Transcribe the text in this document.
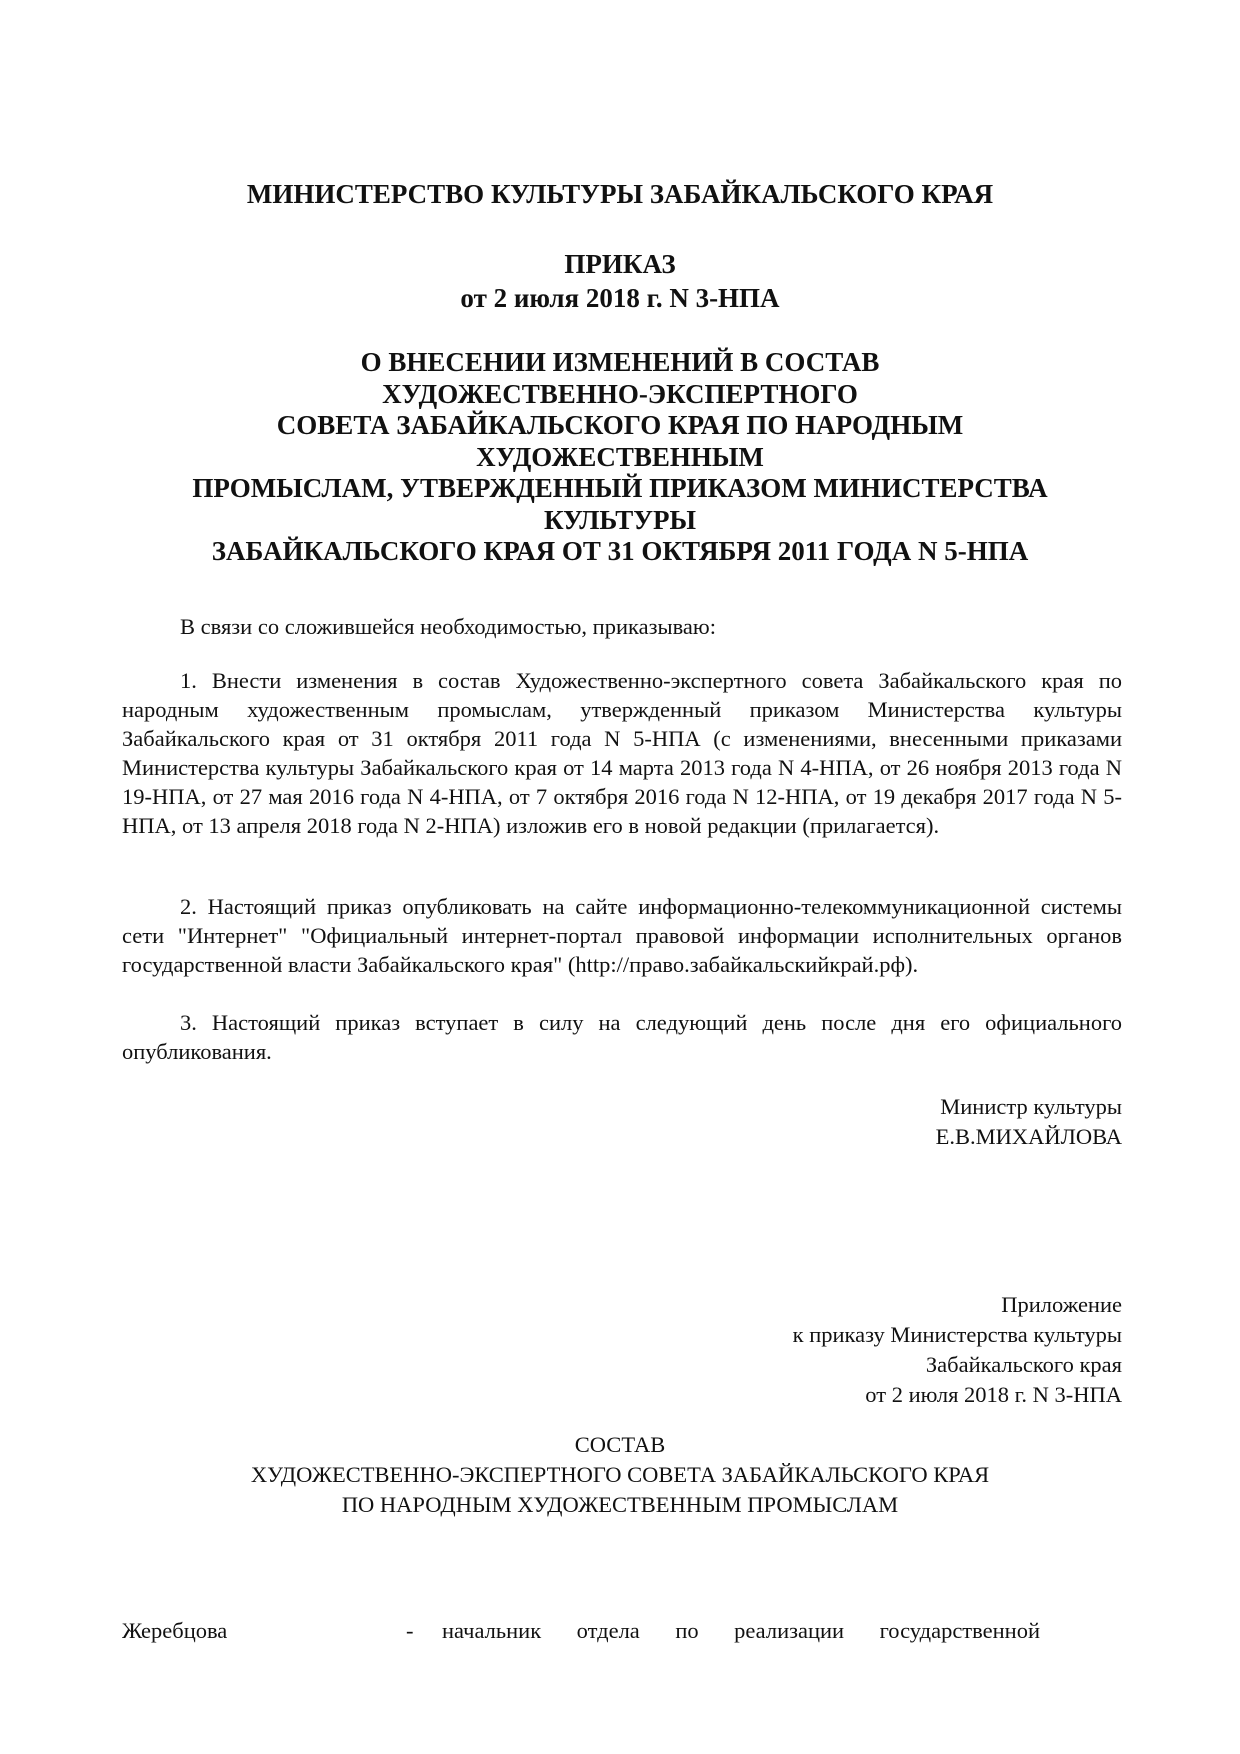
МИНИСТЕРСТВО КУЛЬТУРЫ ЗАБАЙКАЛЬСКОГО КРАЯ
ПРИКАЗ
от 2 июля 2018 г. N 3-НПА
О ВНЕСЕНИИ ИЗМЕНЕНИЙ В СОСТАВ
ХУДОЖЕСТВЕННО-ЭКСПЕРТНОГО
СОВЕТА ЗАБАЙКАЛЬСКОГО КРАЯ ПО НАРОДНЫМ
ХУДОЖЕСТВЕННЫМ
ПРОМЫСЛАМ, УТВЕРЖДЕННЫЙ ПРИКАЗОМ МИНИСТЕРСТВА
КУЛЬТУРЫ
ЗАБАЙКАЛЬСКОГО КРАЯ ОТ 31 ОКТЯБРЯ 2011 ГОДА N 5-НПА

В связи со сложившейся необходимостью, приказываю:

1. Внести изменения в состав Художественно-экспертного совета Забайкальского края по народным художественным промыслам, утвержденный приказом Министерства культуры Забайкальского края от 31 октября 2011 года N 5-НПА (с изменениями, внесенными приказами Министерства культуры Забайкальского края от 14 марта 2013 года N 4-НПА, от 26 ноября 2013 года N 19-НПА, от 27 мая 2016 года N 4-НПА, от 7 октября 2016 года N 12-НПА, от 19 декабря 2017 года N 5-НПА, от 13 апреля 2018 года N 2-НПА) изложив его в новой редакции (прилагается).

2. Настоящий приказ опубликовать на сайте информационно-телекоммуникационной системы сети "Интернет" "Официальный интернет-портал правовой информации исполнительных органов государственной власти Забайкальского края" (http://право.забайкальскийкрай.рф).

3. Настоящий приказ вступает в силу на следующий день после дня его официального опубликования.

Министр культуры
Е.В.МИХАЙЛОВА
Приложение
к приказу Министерства культуры
Забайкальского края
от 2 июля 2018 г. N 3-НПА
СОСТАВ
ХУДОЖЕСТВЕННО-ЭКСПЕРТНОГО СОВЕТА ЗАБАЙКАЛЬСКОГО КРАЯ
ПО НАРОДНЫМ ХУДОЖЕСТВЕННЫМ ПРОМЫСЛАМ
Жеребцова	- начальник отдела по реализации государственной
